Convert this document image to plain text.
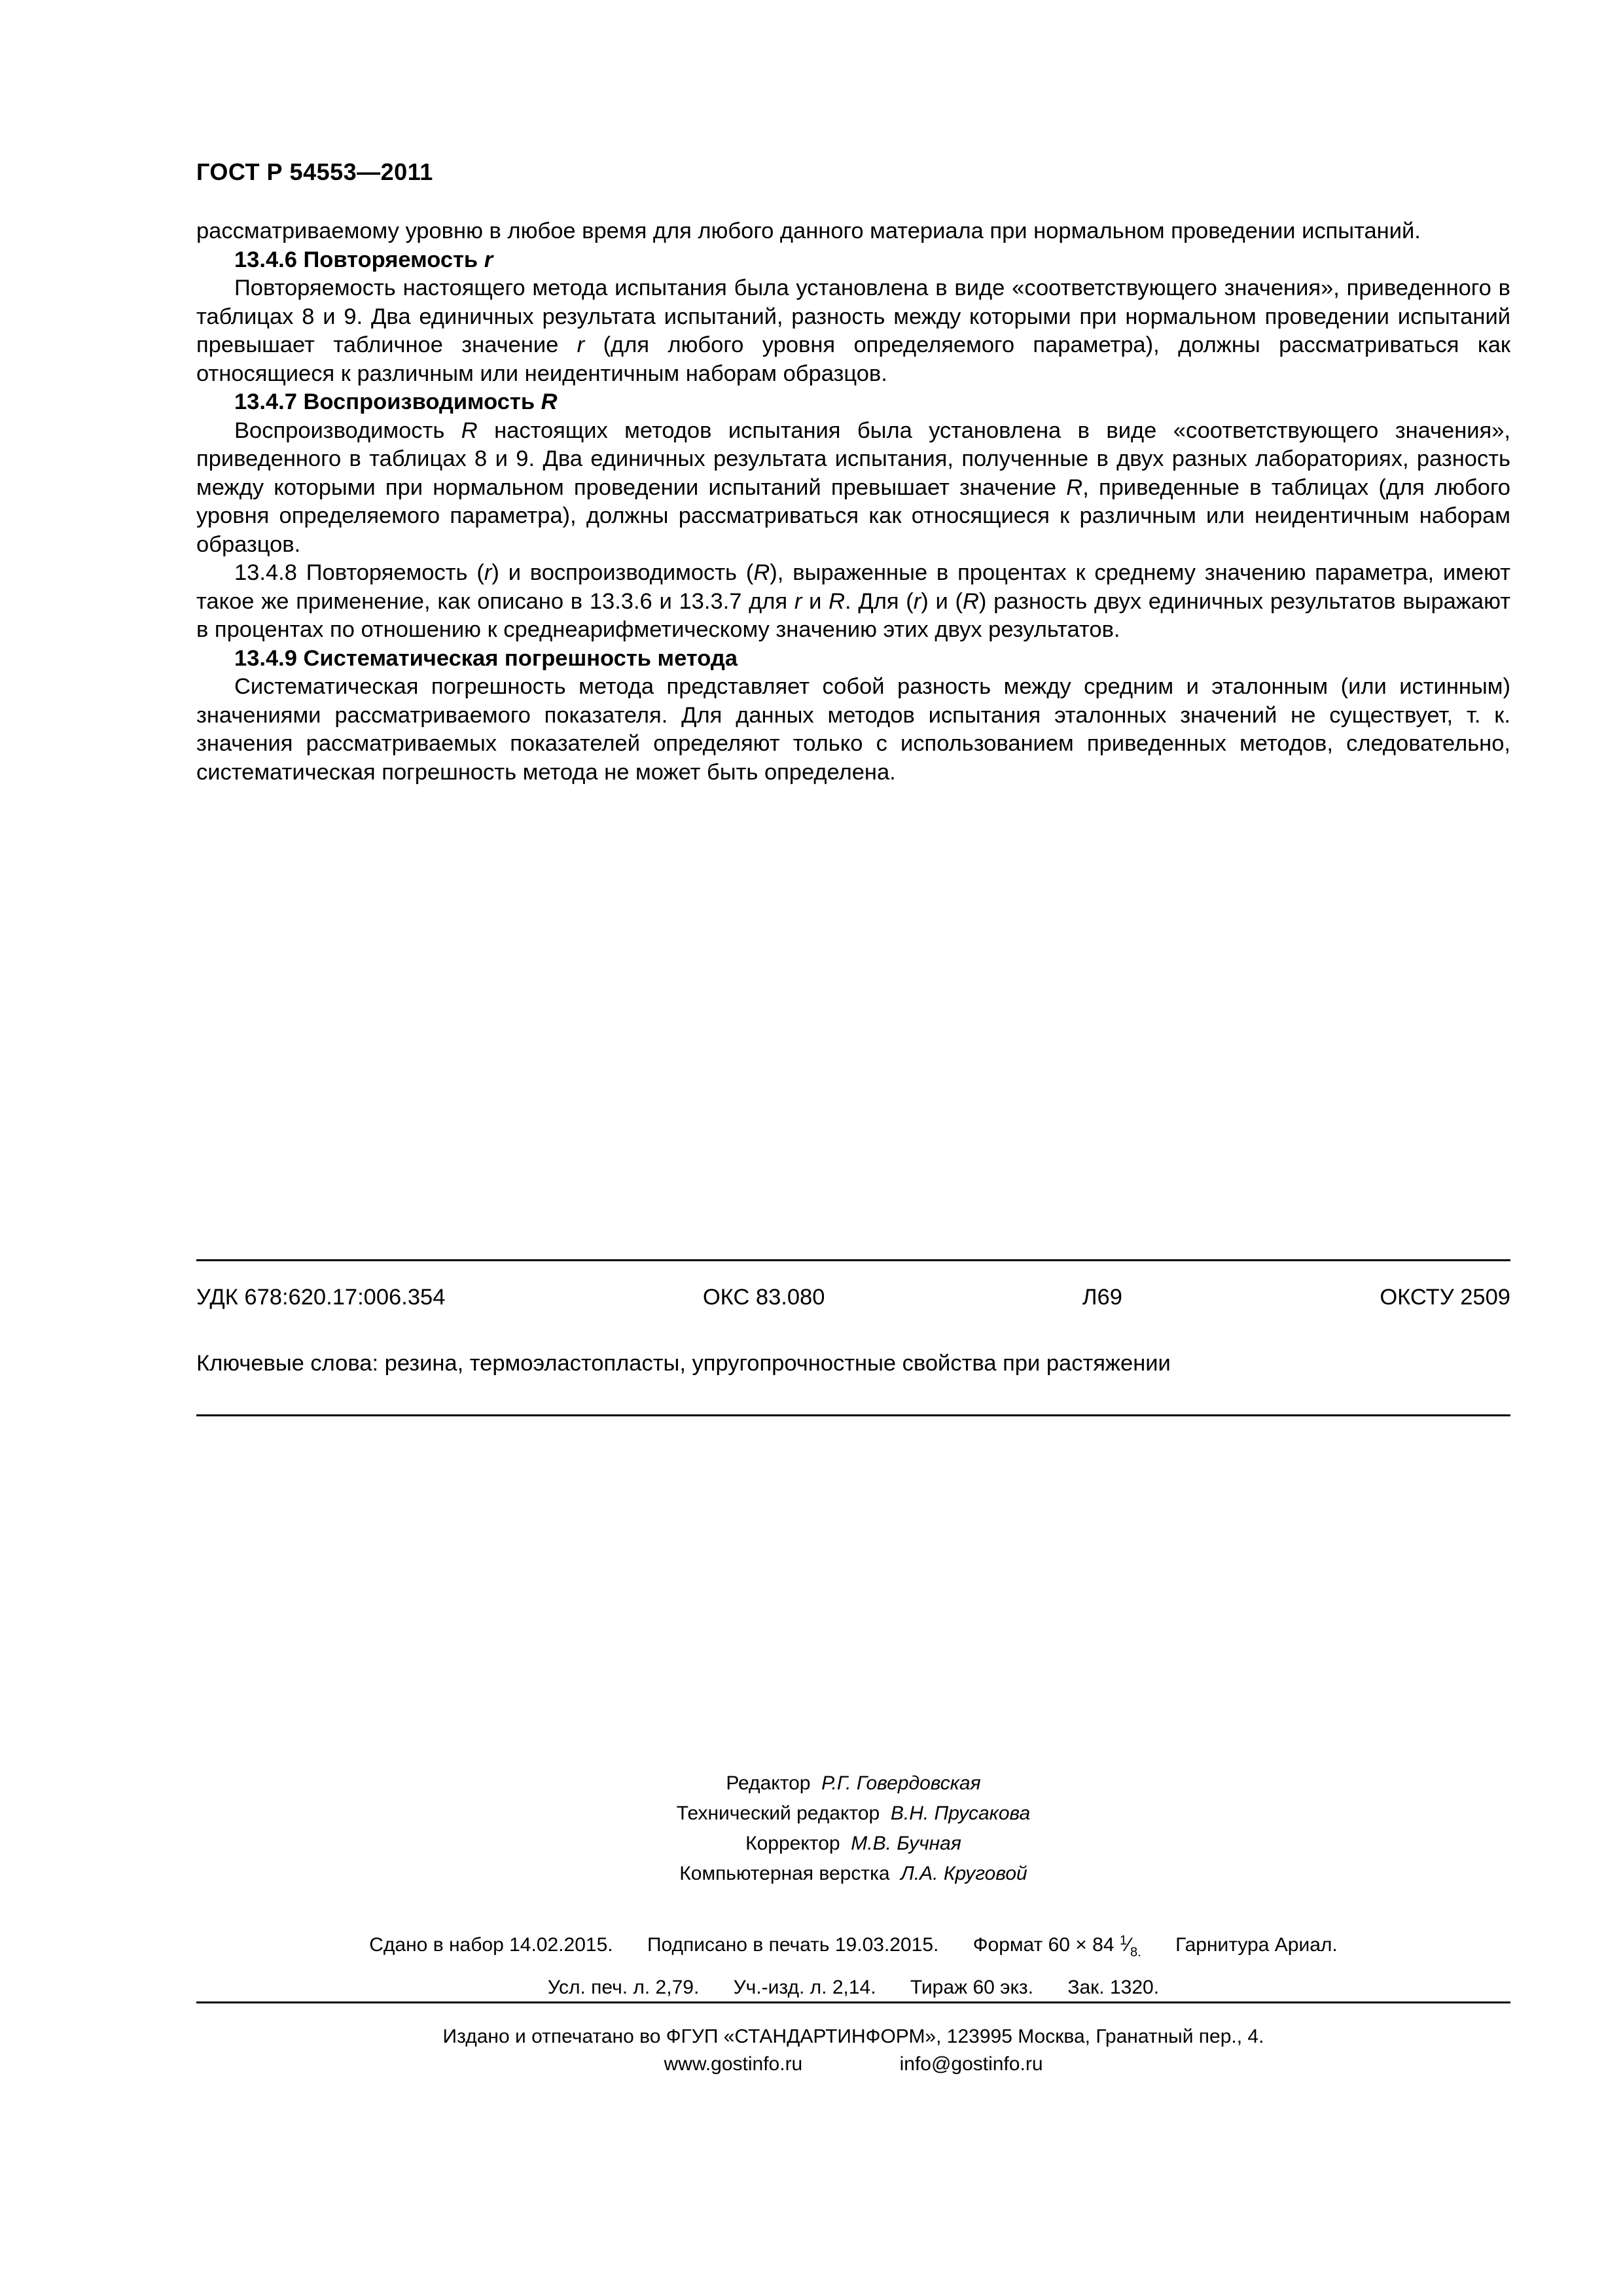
ГОСТ Р 54553—2011

рассматриваемому уровню в любое время для любого данного материала при нормальном проведении испытаний.

13.4.6 Повторяемость r

Повторяемость настоящего метода испытания была установлена в виде «соответствующего значения», приведенного в таблицах 8 и 9. Два единичных результата испытаний, разность между которыми при нормальном проведении испытаний превышает табличное значение r (для любого уровня определяемого параметра), должны рассматриваться как относящиеся к различным или неидентичным наборам образцов.

13.4.7 Воспроизводимость R

Воспроизводимость R настоящих методов испытания была установлена в виде «соответствующего значения», приведенного в таблицах 8 и 9. Два единичных результата испытания, полученные в двух разных лабораториях, разность между которыми при нормальном проведении испытаний превышает значение R, приведенные в таблицах (для любого уровня определяемого параметра), должны рассматриваться как относящиеся к различным или неидентичным наборам образцов.

13.4.8 Повторяемость (r) и воспроизводимость (R), выраженные в процентах к среднему значению параметра, имеют такое же применение, как описано в 13.3.6 и 13.3.7 для r и R. Для (r) и (R) разность двух единичных результатов выражают в процентах по отношению к среднеарифметическому значению этих двух результатов.

13.4.9 Систематическая погрешность метода

Систематическая погрешность метода представляет собой разность между средним и эталонным (или истинным) значениями рассматриваемого показателя. Для данных методов испытания эталонных значений не существует, т. к. значения рассматриваемых показателей определяют только с использованием приведенных методов, следовательно, систематическая погрешность метода не может быть определена.

УДК 678:620.17:006.354	ОКС 83.080	Л69	ОКСТУ 2509
Ключевые слова: резина, термоэластопласты, упругопрочностные свойства при растяжении
Редактор Р.Г. Говердовская
Технический редактор В.Н. Прусакова
Корректор М.В. Бучная
Компьютерная верстка Л.А. Круговой
Сдано в набор 14.02.2015. Подписано в печать 19.03.2015. Формат 60 × 84 $^1$⁄ $_{8.}$ Гарнитура Ариал.
Усл. печ. л. 2,79. Уч.-изд. л. 2,14. Тираж 60 экз. Зак. 1320.
Издано и отпечатано во ФГУП «СТАНДАРТИНФОРМ», 123995 Москва, Гранатный пер., 4.
www.gostinfo.ru	info@gostinfo.ru
